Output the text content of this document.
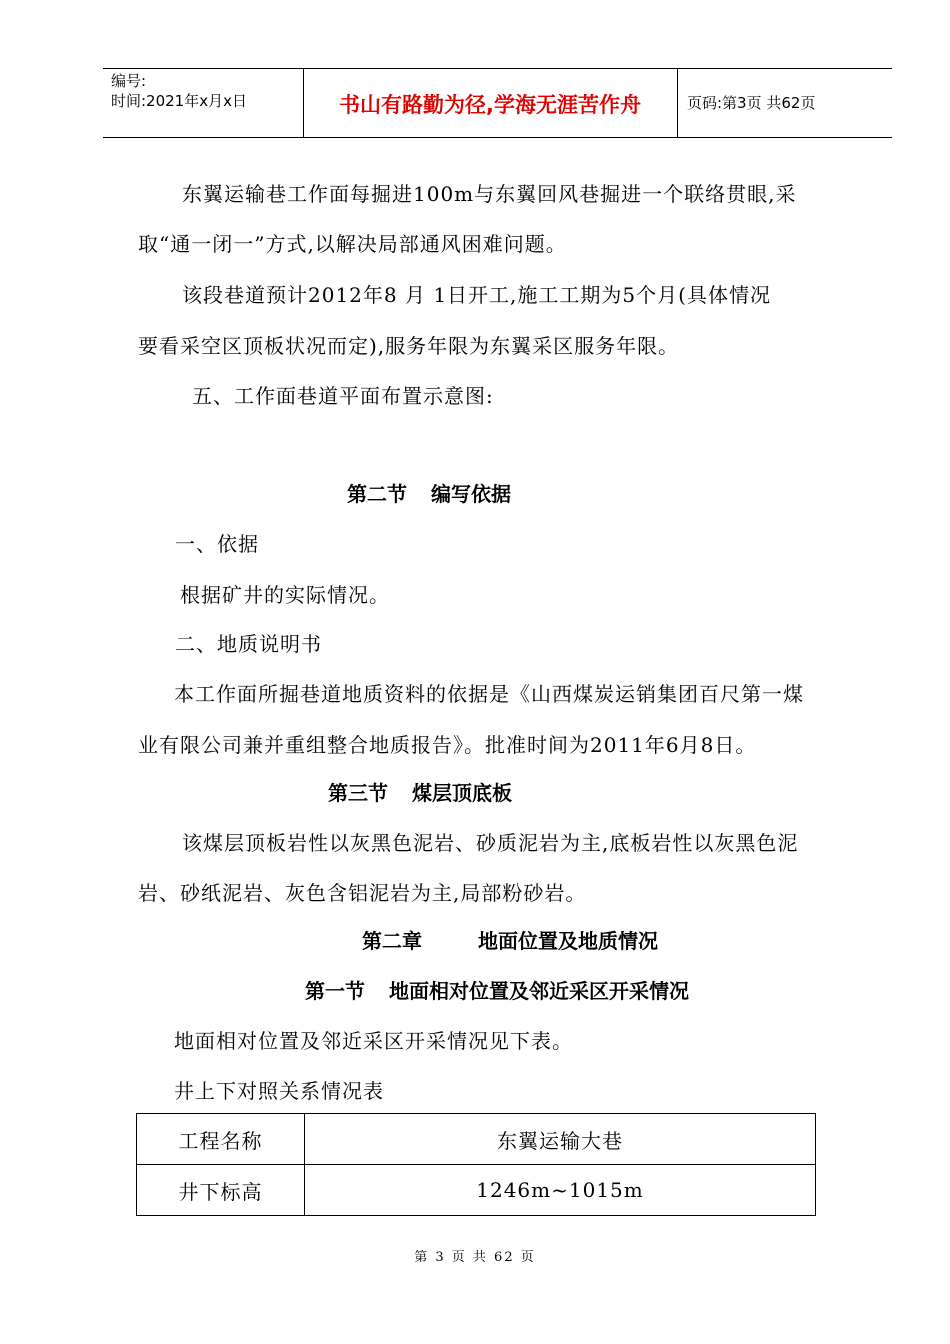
编号:
时间:2021年x月x日	书山有路勤为径,学海无涯苦作舟	页码:第3页 共62页
东翼运输巷工作面每掘进100m与东翼回风巷掘进一个联络贯眼,采
取“通一闭一”方式,以解决局部通风困难问题。
该段巷道预计2012年8 月 1日开工,施工工期为5个月(具体情况
要看采空区顶板状况而定),服务年限为东翼采区服务年限。
五、工作面巷道平面布置示意图:
第二节 编写依据
一、依据
根据矿井的实际情况。
二、地质说明书
本工作面所掘巷道地质资料的依据是《山西煤炭运销集团百尺第一煤
业有限公司兼并重组整合地质报告》。批准时间为2011年6月8日。
第三节 煤层顶底板
该煤层顶板岩性以灰黑色泥岩、砂质泥岩为主,底板岩性以灰黑色泥
岩、砂纸泥岩、灰色含铝泥岩为主,局部粉砂岩。
第二章	地面位置及地质情况
第一节 地面相对位置及邻近采区开采情况
地面相对位置及邻近采区开采情况见下表。
井上下对照关系情况表
工程名称	东翼运输大巷
井下标高	1246m~1015m
第 3 页 共 62 页
